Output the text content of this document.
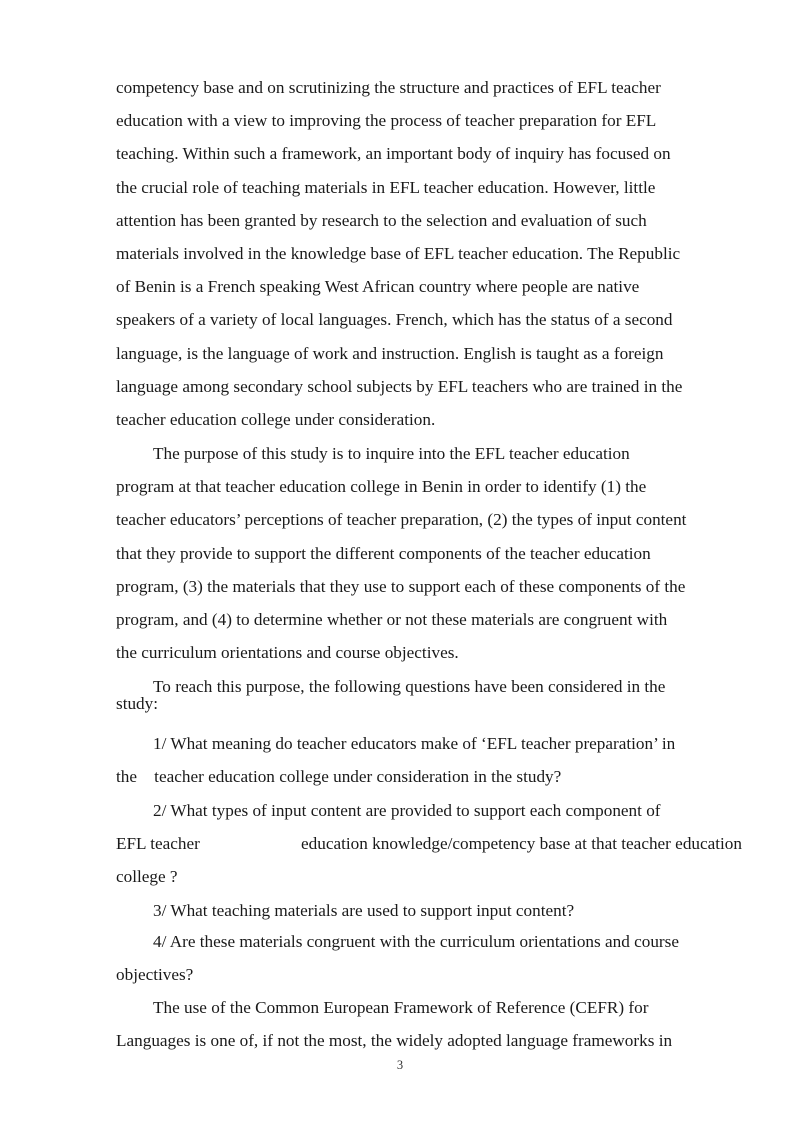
competency base and on scrutinizing the structure and practices of EFL teacher
education with a view to improving the process of teacher preparation for EFL
teaching. Within such a framework, an important body of inquiry has focused on
the crucial role of teaching materials in EFL teacher education. However, little
attention has been granted by research to the selection and evaluation of such
materials involved in the knowledge base of EFL teacher education. The Republic
of Benin is a French speaking West African country where people are native
speakers of a variety of local languages. French, which has the status of a second
language, is the language of work and instruction. English is taught as a foreign
language among secondary school subjects by EFL teachers who are trained in the
teacher education college under consideration.
The purpose of this study is to inquire into the EFL teacher education
program at that teacher education college in Benin in order to identify (1) the
teacher educators’ perceptions of teacher preparation, (2) the types of input content
that they provide to support the different components of the teacher education
program, (3) the materials that they use to support each of these components of the
program, and (4) to determine whether or not these materials are congruent with
the curriculum orientations and course objectives.
To reach this purpose, the following questions have been considered in the
study:
1/ What meaning do teacher educators make of ‘EFL teacher preparation’ in
the    teacher education college under consideration in the study?
2/ What types of input content are provided to support each component of
EFL teacher	education knowledge/competency base at that teacher education
college ?
3/ What teaching materials are used to support input content?
4/ Are these materials congruent with the curriculum orientations and course
objectives?
The use of the Common European Framework of Reference (CEFR) for
Languages is one of, if not the most, the widely adopted language frameworks in
3
